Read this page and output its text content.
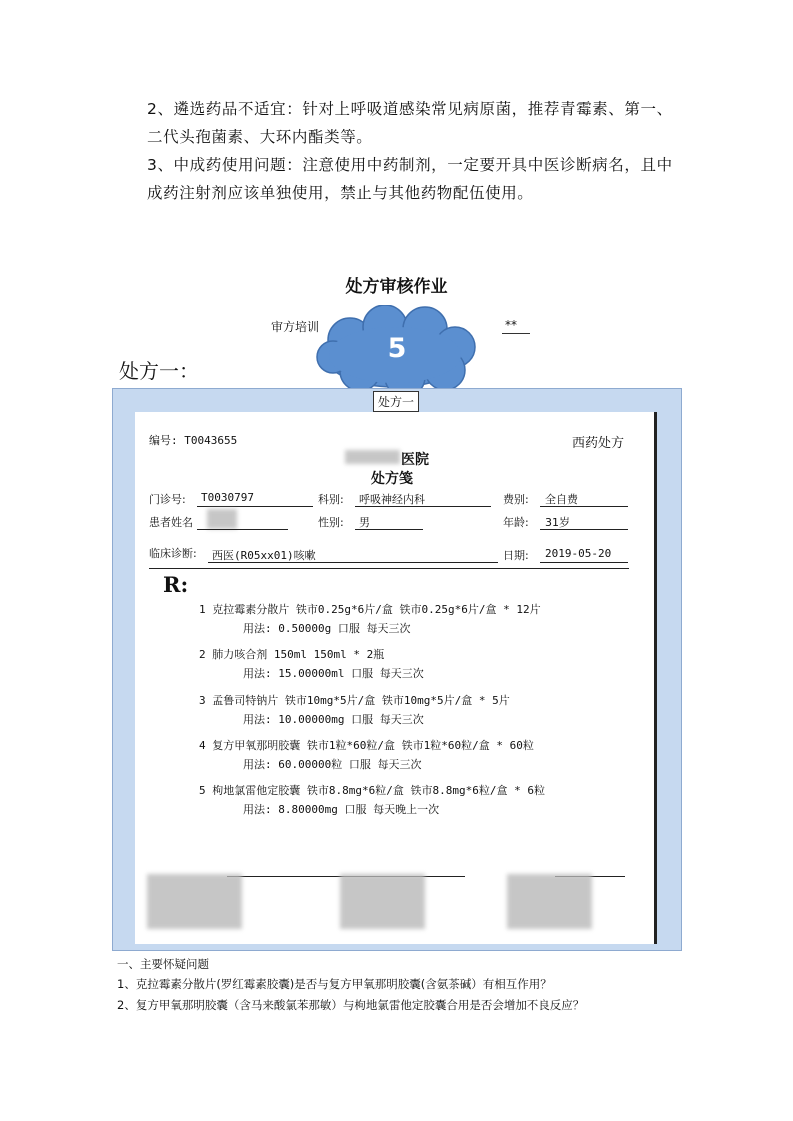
2、遴选药品不适宜：针对上呼吸道感染常见病原菌，推荐青霉素、第一、二代头孢菌素、大环内酯类等。
3、中成药使用问题：注意使用中药制剂，一定要开具中医诊断病名，且中成药注射剂应该单独使用，禁止与其他药物配伍使用。
处方审核作业
审方培训	**
处方一：
5
处方一
编号: T0043655	西药处方
医院
处方笺
门诊号: T0030797	科别: 呼吸神经内科	费别: 全自费
患者姓名	性别: 男	年龄: 31岁
临床诊断: 西医(R05xx01)咳嗽	日期: 2019-05-20
R:
1 克拉霉素分散片 铁市0.25g*6片/盒 铁市0.25g*6片/盒 * 12片
用法: 0.50000g 口服 每天三次
2 肺力咳合剂 150ml 150ml * 2瓶
用法: 15.00000ml 口服 每天三次
3 孟鲁司特钠片 铁市10mg*5片/盒 铁市10mg*5片/盒 * 5片
用法: 10.00000mg 口服 每天三次
4 复方甲氧那明胶囊 铁市1粒*60粒/盒 铁市1粒*60粒/盒 * 60粒
用法: 60.00000粒 口服 每天三次
5 枸地氯雷他定胶囊 铁市8.8mg*6粒/盒 铁市8.8mg*6粒/盒 * 6粒
用法: 8.80000mg 口服 每天晚上一次
一、主要怀疑问题
1、克拉霉素分散片(罗红霉素胶囊)是否与复方甲氧那明胶囊(含氨茶碱）有相互作用？
2、复方甲氧那明胶囊（含马来酸氯苯那敏）与枸地氯雷他定胶囊合用是否会增加不良反应？
